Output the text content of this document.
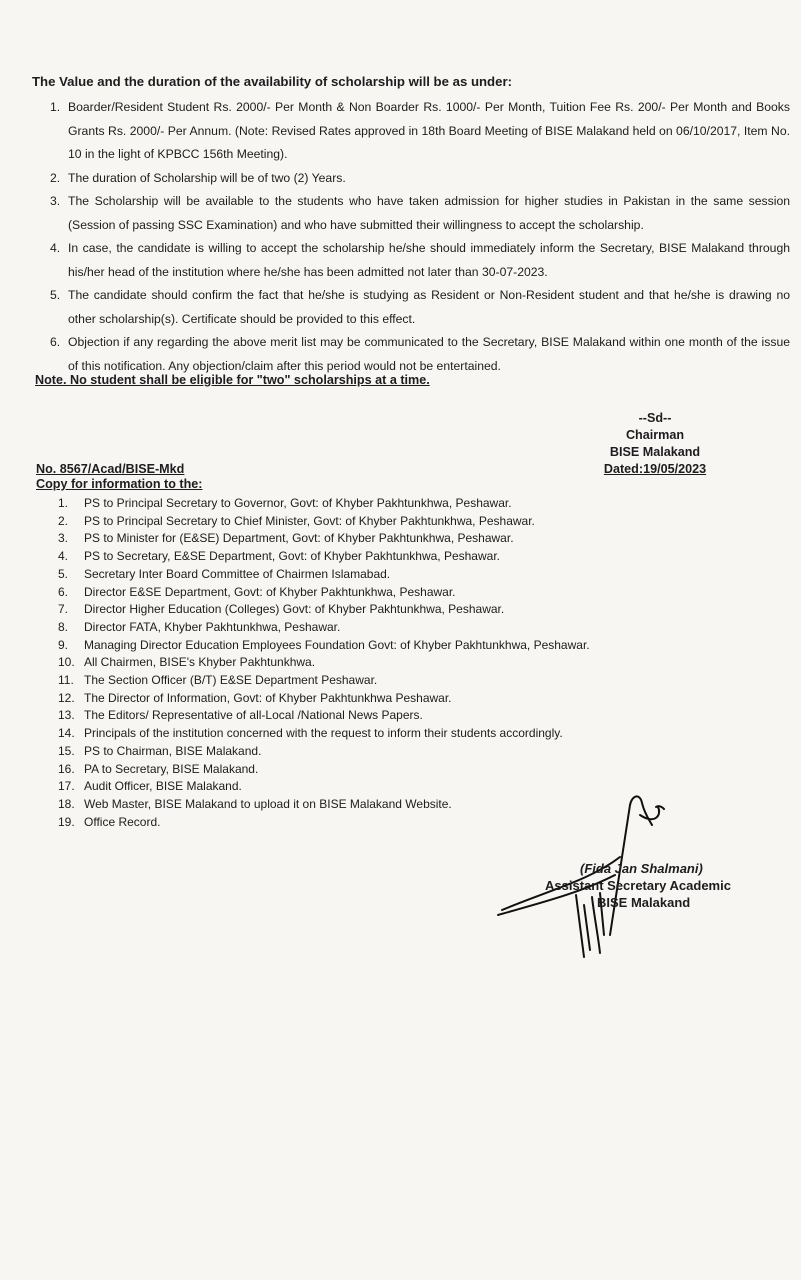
The Value and the duration of the availability of scholarship will be as under:
1. Boarder/Resident Student Rs. 2000/- Per Month & Non Boarder Rs. 1000/- Per Month, Tuition Fee Rs. 200/- Per Month and Books Grants Rs. 2000/- Per Annum. (Note: Revised Rates approved in 18th Board Meeting of BISE Malakand held on 06/10/2017, Item No. 10 in the light of KPBCC 156th Meeting).
2. The duration of Scholarship will be of two (2) Years.
3. The Scholarship will be available to the students who have taken admission for higher studies in Pakistan in the same session (Session of passing SSC Examination) and who have submitted their willingness to accept the scholarship.
4. In case, the candidate is willing to accept the scholarship he/she should immediately inform the Secretary, BISE Malakand through his/her head of the institution where he/she has been admitted not later than 30-07-2023.
5. The candidate should confirm the fact that he/she is studying as Resident or Non-Resident student and that he/she is drawing no other scholarship(s). Certificate should be provided to this effect.
6. Objection if any regarding the above merit list may be communicated to the Secretary, BISE Malakand within one month of the issue of this notification. Any objection/claim after this period would not be entertained.
Note. No student shall be eligible for "two" scholarships at a time.
--Sd--
Chairman
BISE Malakand
Dated:19/05/2023
No. 8567/Acad/BISE-Mkd
Copy for information to the:
1.	PS to Principal Secretary to Governor, Govt: of Khyber Pakhtunkhwa, Peshawar.
2.	PS to Principal Secretary to Chief Minister, Govt: of Khyber Pakhtunkhwa, Peshawar.
3.	PS to Minister for (E&SE) Department, Govt: of Khyber Pakhtunkhwa, Peshawar.
4.	PS to Secretary, E&SE Department, Govt: of Khyber Pakhtunkhwa, Peshawar.
5.	Secretary Inter Board Committee of Chairmen Islamabad.
6.	Director E&SE Department, Govt: of Khyber Pakhtunkhwa, Peshawar.
7.	Director Higher Education (Colleges) Govt: of Khyber Pakhtunkhwa, Peshawar.
8.	Director FATA, Khyber Pakhtunkhwa, Peshawar.
9.	Managing Director Education Employees Foundation Govt: of Khyber Pakhtunkhwa, Peshawar.
10. All Chairmen, BISE's Khyber Pakhtunkhwa.
11. The Section Officer (B/T) E&SE Department Peshawar.
12. The Director of Information, Govt: of Khyber Pakhtunkhwa Peshawar.
13. The Editors/ Representative of all-Local /National News Papers.
14. Principals of the institution concerned with the request to inform their students accordingly.
15. PS to Chairman, BISE Malakand.
16. PA to Secretary, BISE Malakand.
17. Audit Officer, BISE Malakand.
18. Web Master, BISE Malakand to upload it on BISE Malakand Website.
19. Office Record.
(Fida Jan Shalmani)
Assistant Secretary Academic
BISE Malakand
